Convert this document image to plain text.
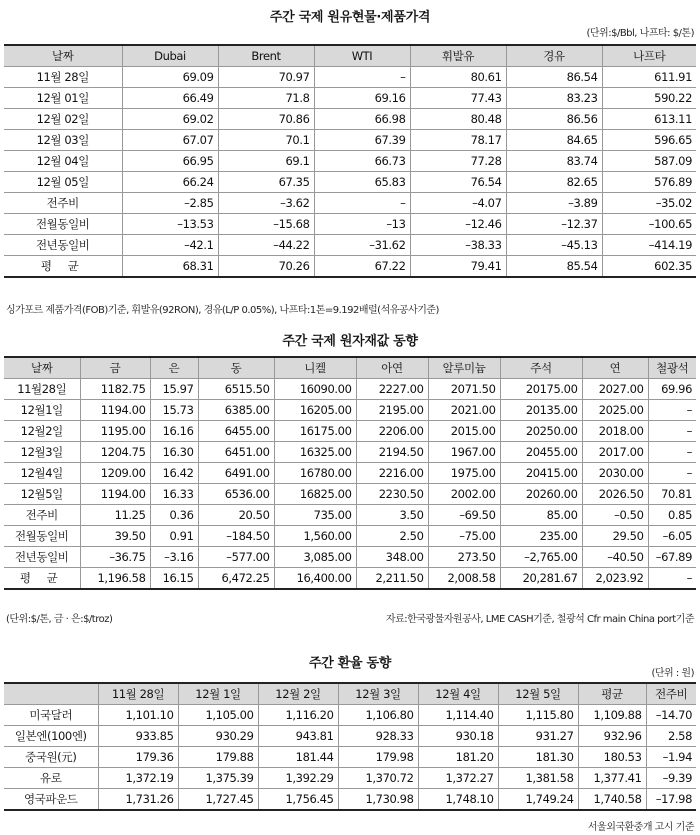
주간 국제 원유현물·제품가격
(단위:$/Bbl, 나프타: $/톤)
날짜	Dubai	Brent	WTI	휘발유	경유	나프타
11월 28일	69.09	70.97	–	80.61	86.54	611.91
12월 01일	66.49	71.8	69.16	77.43	83.23	590.22
12월 02일	69.02	70.86	66.98	80.48	86.56	613.11
12월 03일	67.07	70.1	67.39	78.17	84.65	596.65
12월 04일	66.95	69.1	66.73	77.28	83.74	587.09
12월 05일	66.24	67.35	65.83	76.54	82.65	576.89
전주비	–2.85	–3.62	–	–4.07	–3.89	–35.02
전월동일비	–13.53	–15.68	–13	–12.46	–12.37	–100.65
전년동일비	–42.1	–44.22	–31.62	–38.33	–45.13	–414.19
평 균	68.31	70.26	67.22	79.41	85.54	602.35
싱가포르 제품가격(FOB)기준, 휘발유(92RON), 경유(L/P 0.05%), 나프타:1톤=9.192배럴(석유공사기준)
주간 국제 원자재값 동향
날짜	금	은	동	니켈	아연	알루미늄	주석	연	철광석
11월28일	1182.75	15.97	6515.50	16090.00	2227.00	2071.50	20175.00	2027.00	69.96
12월1일	1194.00	15.73	6385.00	16205.00	2195.00	2021.00	20135.00	2025.00	–
12월2일	1195.00	16.16	6455.00	16175.00	2206.00	2015.00	20250.00	2018.00	–
12월3일	1204.75	16.30	6451.00	16325.00	2194.50	1967.00	20455.00	2017.00	–
12월4일	1209.00	16.42	6491.00	16780.00	2216.00	1975.00	20415.00	2030.00	–
12월5일	1194.00	16.33	6536.00	16825.00	2230.50	2002.00	20260.00	2026.50	70.81
전주비	11.25	0.36	20.50	735.00	3.50	–69.50	85.00	–0.50	0.85
전월동일비	39.50	0.91	–184.50	1,560.00	2.50	–75.00	235.00	29.50	–6.05
전년동일비	–36.75	–3.16	–577.00	3,085.00	348.00	273.50	–2,765.00	–40.50	–67.89
평 균	1,196.58	16.15	6,472.25	16,400.00	2,211.50	2,008.58	20,281.67	2,023.92	–
(단위:$/톤, 금 · 은:$/troz)	자료:한국광물자원공사, LME CASH기준, 철광석 Cfr main China port기준
주간 환율 동향
(단위 : 원)
	11월 28일	12월 1일	12월 2일	12월 3일	12월 4일	12월 5일	평균	전주비
미국달러	1,101.10	1,105.00	1,116.20	1,106.80	1,114.40	1,115.80	1,109.88	–14.70
일본엔(100엔)	933.85	930.29	943.81	928.33	930.18	931.27	932.96	2.58
중국원(元)	179.36	179.88	181.44	179.98	181.20	181.30	180.53	–1.94
유로	1,372.19	1,375.39	1,392.29	1,370.72	1,372.27	1,381.58	1,377.41	–9.39
영국파운드	1,731.26	1,727.45	1,756.45	1,730.98	1,748.10	1,749.24	1,740.58	–17.98
서울외국환중개 고시 기준
